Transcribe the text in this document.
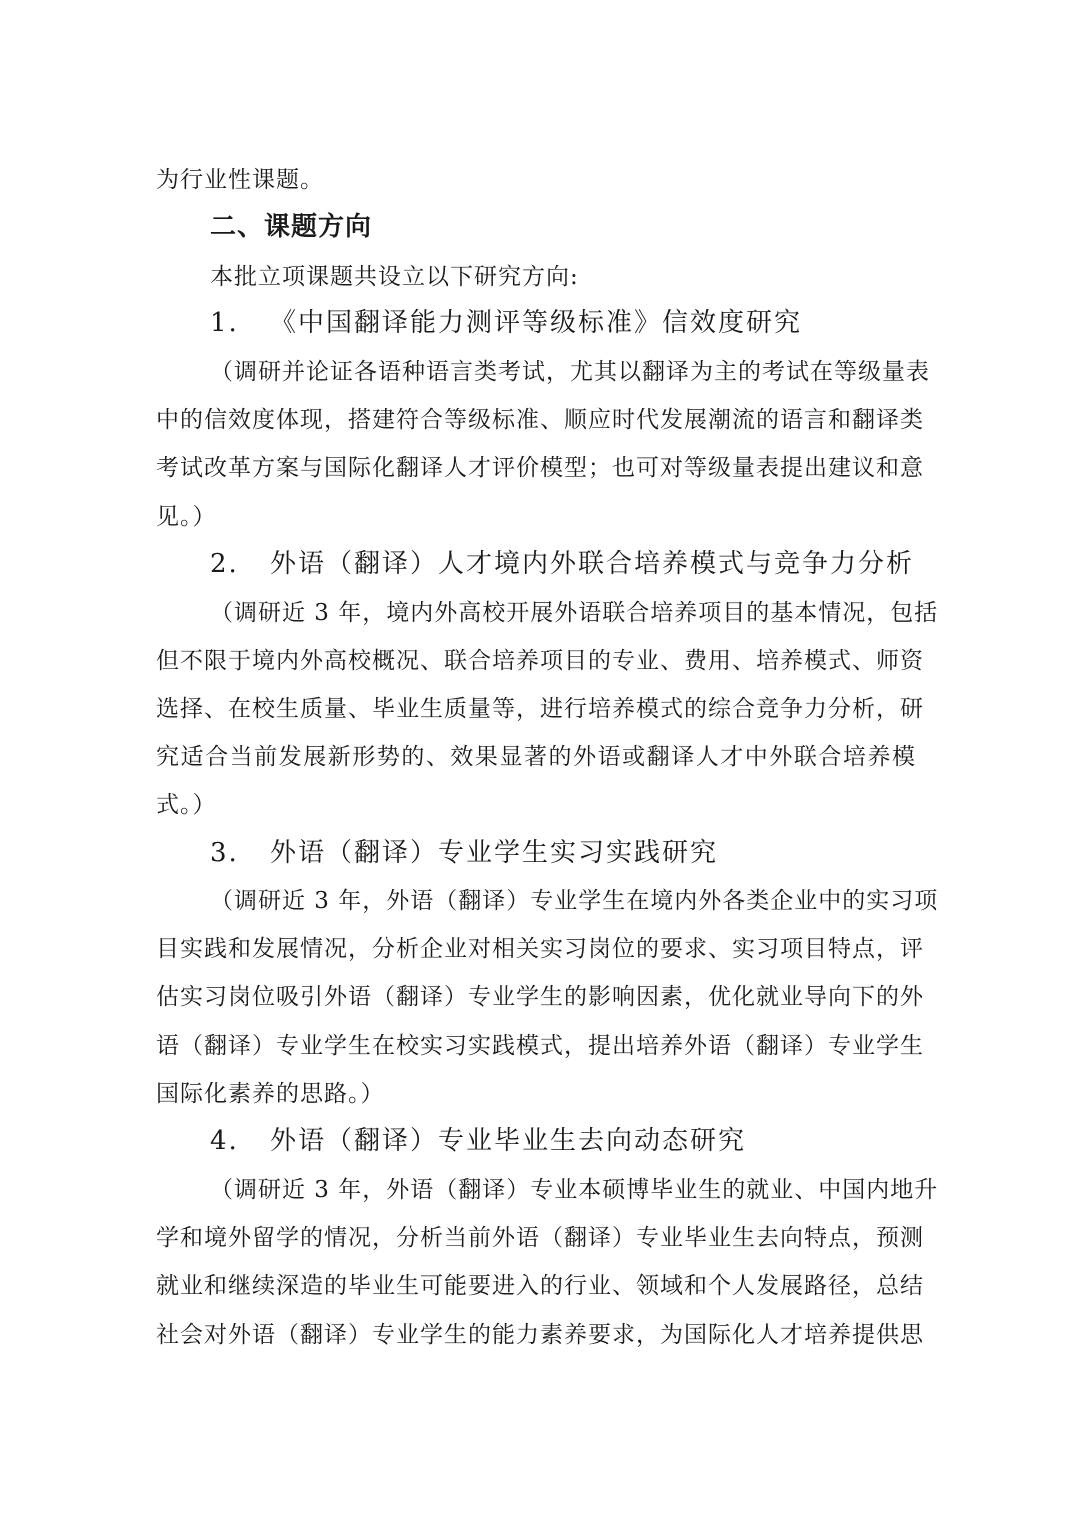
为行业性课题。
二、课题方向
本批立项课题共设立以下研究方向:
1. 《中国翻译能力测评等级标准》信效度研究
（调研并论证各语种语言类考试，尤其以翻译为主的考试在等级量表
中的信效度体现，搭建符合等级标准、顺应时代发展潮流的语言和翻译类
考试改革方案与国际化翻译人才评价模型；也可对等级量表提出建议和意
见。）
2. 外语（翻译）人才境内外联合培养模式与竞争力分析
（调研近 3 年，境内外高校开展外语联合培养项目的基本情况，包括
但不限于境内外高校概况、联合培养项目的专业、费用、培养模式、师资
选择、在校生质量、毕业生质量等，进行培养模式的综合竞争力分析，研
究适合当前发展新形势的、效果显著的外语或翻译人才中外联合培养模
式。）
3. 外语（翻译）专业学生实习实践研究
（调研近 3 年，外语（翻译）专业学生在境内外各类企业中的实习项
目实践和发展情况，分析企业对相关实习岗位的要求、实习项目特点，评
估实习岗位吸引外语（翻译）专业学生的影响因素，优化就业导向下的外
语（翻译）专业学生在校实习实践模式，提出培养外语（翻译）专业学生
国际化素养的思路。）
4. 外语（翻译）专业毕业生去向动态研究
（调研近 3 年，外语（翻译）专业本硕博毕业生的就业、中国内地升
学和境外留学的情况，分析当前外语（翻译）专业毕业生去向特点，预测
就业和继续深造的毕业生可能要进入的行业、领域和个人发展路径，总结
社会对外语（翻译）专业学生的能力素养要求，为国际化人才培养提供思
